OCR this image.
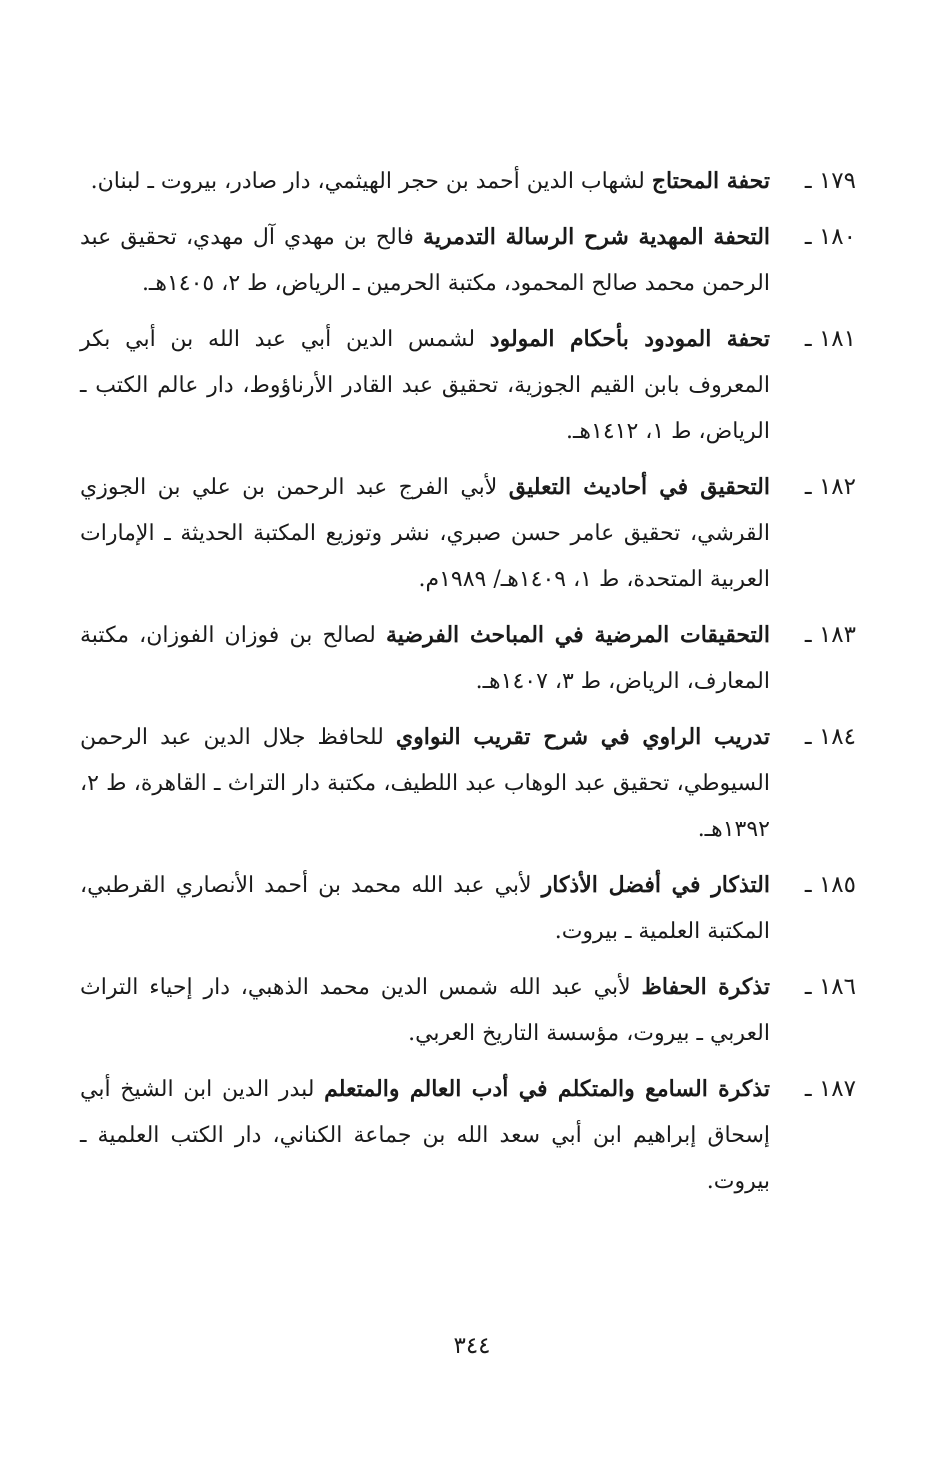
١٧٩ ـ
تحفة المحتاج لشهاب الدين أحمد بن حجر الهيثمي، دار صادر، بيروت ـ لبنان.
١٨٠ ـ
التحفة المهدية شرح الرسالة التدمرية فالح بن مهدي آل مهدي، تحقيق عبد الرحمن محمد صالح المحمود، مكتبة الحرمين ـ الرياض، ط ٢، ١٤٠٥هـ.
١٨١ ـ
تحفة المودود بأحكام المولود لشمس الدين أبي عبد الله بن أبي بكر المعروف بابن القيم الجوزية، تحقيق عبد القادر الأرناؤوط، دار عالم الكتب ـ الرياض، ط ١، ١٤١٢هـ.
١٨٢ ـ
التحقيق في أحاديث التعليق لأبي الفرج عبد الرحمن بن علي بن الجوزي القرشي، تحقيق عامر حسن صبري، نشر وتوزيع المكتبة الحديثة ـ الإمارات العربية المتحدة، ط ١، ١٤٠٩هـ/ ١٩٨٩م.
١٨٣ ـ
التحقيقات المرضية في المباحث الفرضية لصالح بن فوزان الفوزان، مكتبة المعارف، الرياض، ط ٣، ١٤٠٧هـ.
١٨٤ ـ
تدريب الراوي في شرح تقريب النواوي للحافظ جلال الدين عبد الرحمن السيوطي، تحقيق عبد الوهاب عبد اللطيف، مكتبة دار التراث ـ القاهرة، ط ٢، ١٣٩٢هـ.
١٨٥ ـ
التذكار في أفضل الأذكار لأبي عبد الله محمد بن أحمد الأنصاري القرطبي، المكتبة العلمية ـ بيروت.
١٨٦ ـ
تذكرة الحفاظ لأبي عبد الله شمس الدين محمد الذهبي، دار إحياء التراث العربي ـ بيروت، مؤسسة التاريخ العربي.
١٨٧ ـ
تذكرة السامع والمتكلم في أدب العالم والمتعلم لبدر الدين ابن الشيخ أبي إسحاق إبراهيم ابن أبي سعد الله بن جماعة الكناني، دار الكتب العلمية ـ بيروت.
٣٤٤
